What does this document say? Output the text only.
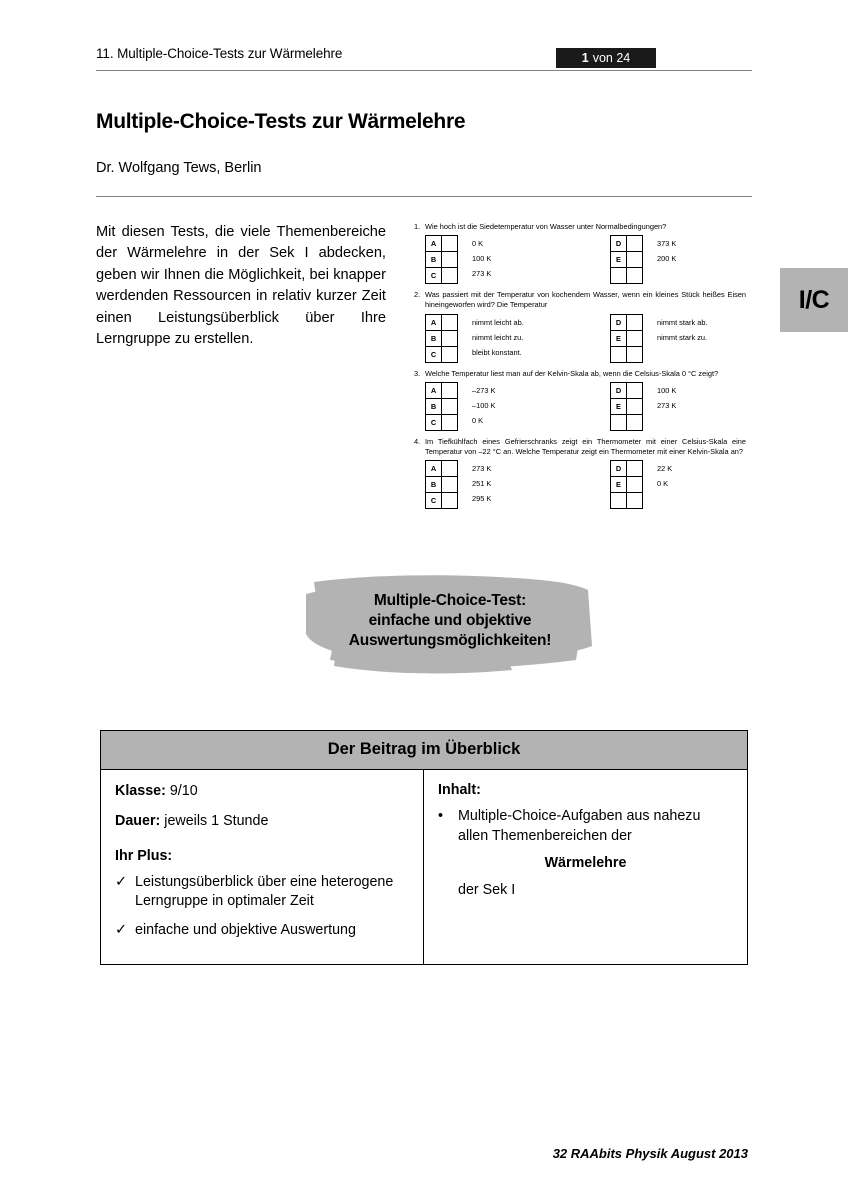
11. Multiple-Choice-Tests zur Wärmelehre	1 von 24
Multiple-Choice-Tests zur Wärmelehre
Dr. Wolfgang Tews, Berlin
Mit diesen Tests, die viele Themenbereiche der Wärmelehre in der Sek I abdecken, geben wir Ihnen die Möglichkeit, bei knapper werdenden Ressourcen in relativ kurzer Zeit einen Leistungsüberblick über Ihre Lerngruppe zu erstellen.
I/C
1. Wie hoch ist die Siedetemperatur von Wasser unter Normalbedingungen?
A
B
C
0 K
100 K
273 K
D
E
373 K
200 K
2. Was passiert mit der Temperatur von kochendem Wasser, wenn ein kleines Stück heißes Eisen hineingeworfen wird? Die Temperatur
A
B
C
nimmt leicht ab.
nimmt leicht zu.
bleibt konstant.
D
E
nimmt stark ab.
nimmt stark zu.
3. Welche Temperatur liest man auf der Kelvin-Skala ab, wenn die Celsius-Skala 0 °C zeigt?
A
B
C
–273 K
–100 K
0 K
D
E
100 K
273 K
4. Im Tiefkühlfach eines Gefrierschranks zeigt ein Thermometer mit einer Celsius-Skala eine Temperatur von –22 °C an. Welche Temperatur zeigt ein Thermometer mit einer Kelvin-Skala an?
A
B
C
273 K
251 K
295 K
D
E
22 K
0 K
Multiple-Choice-Test:
einfache und objektive
Auswertungsmöglichkeiten!
Der Beitrag im Überblick
Klasse: 9/10
Dauer: jeweils 1 Stunde
Ihr Plus:
✓ Leistungsüberblick über eine heterogene Lerngruppe in optimaler Zeit
✓ einfache und objektive Auswertung
Inhalt:
•	Multiple-Choice-Aufgaben aus nahezu allen Themenbereichen der
Wärmelehre
der Sek I
32 RAAbits Physik August 2013
